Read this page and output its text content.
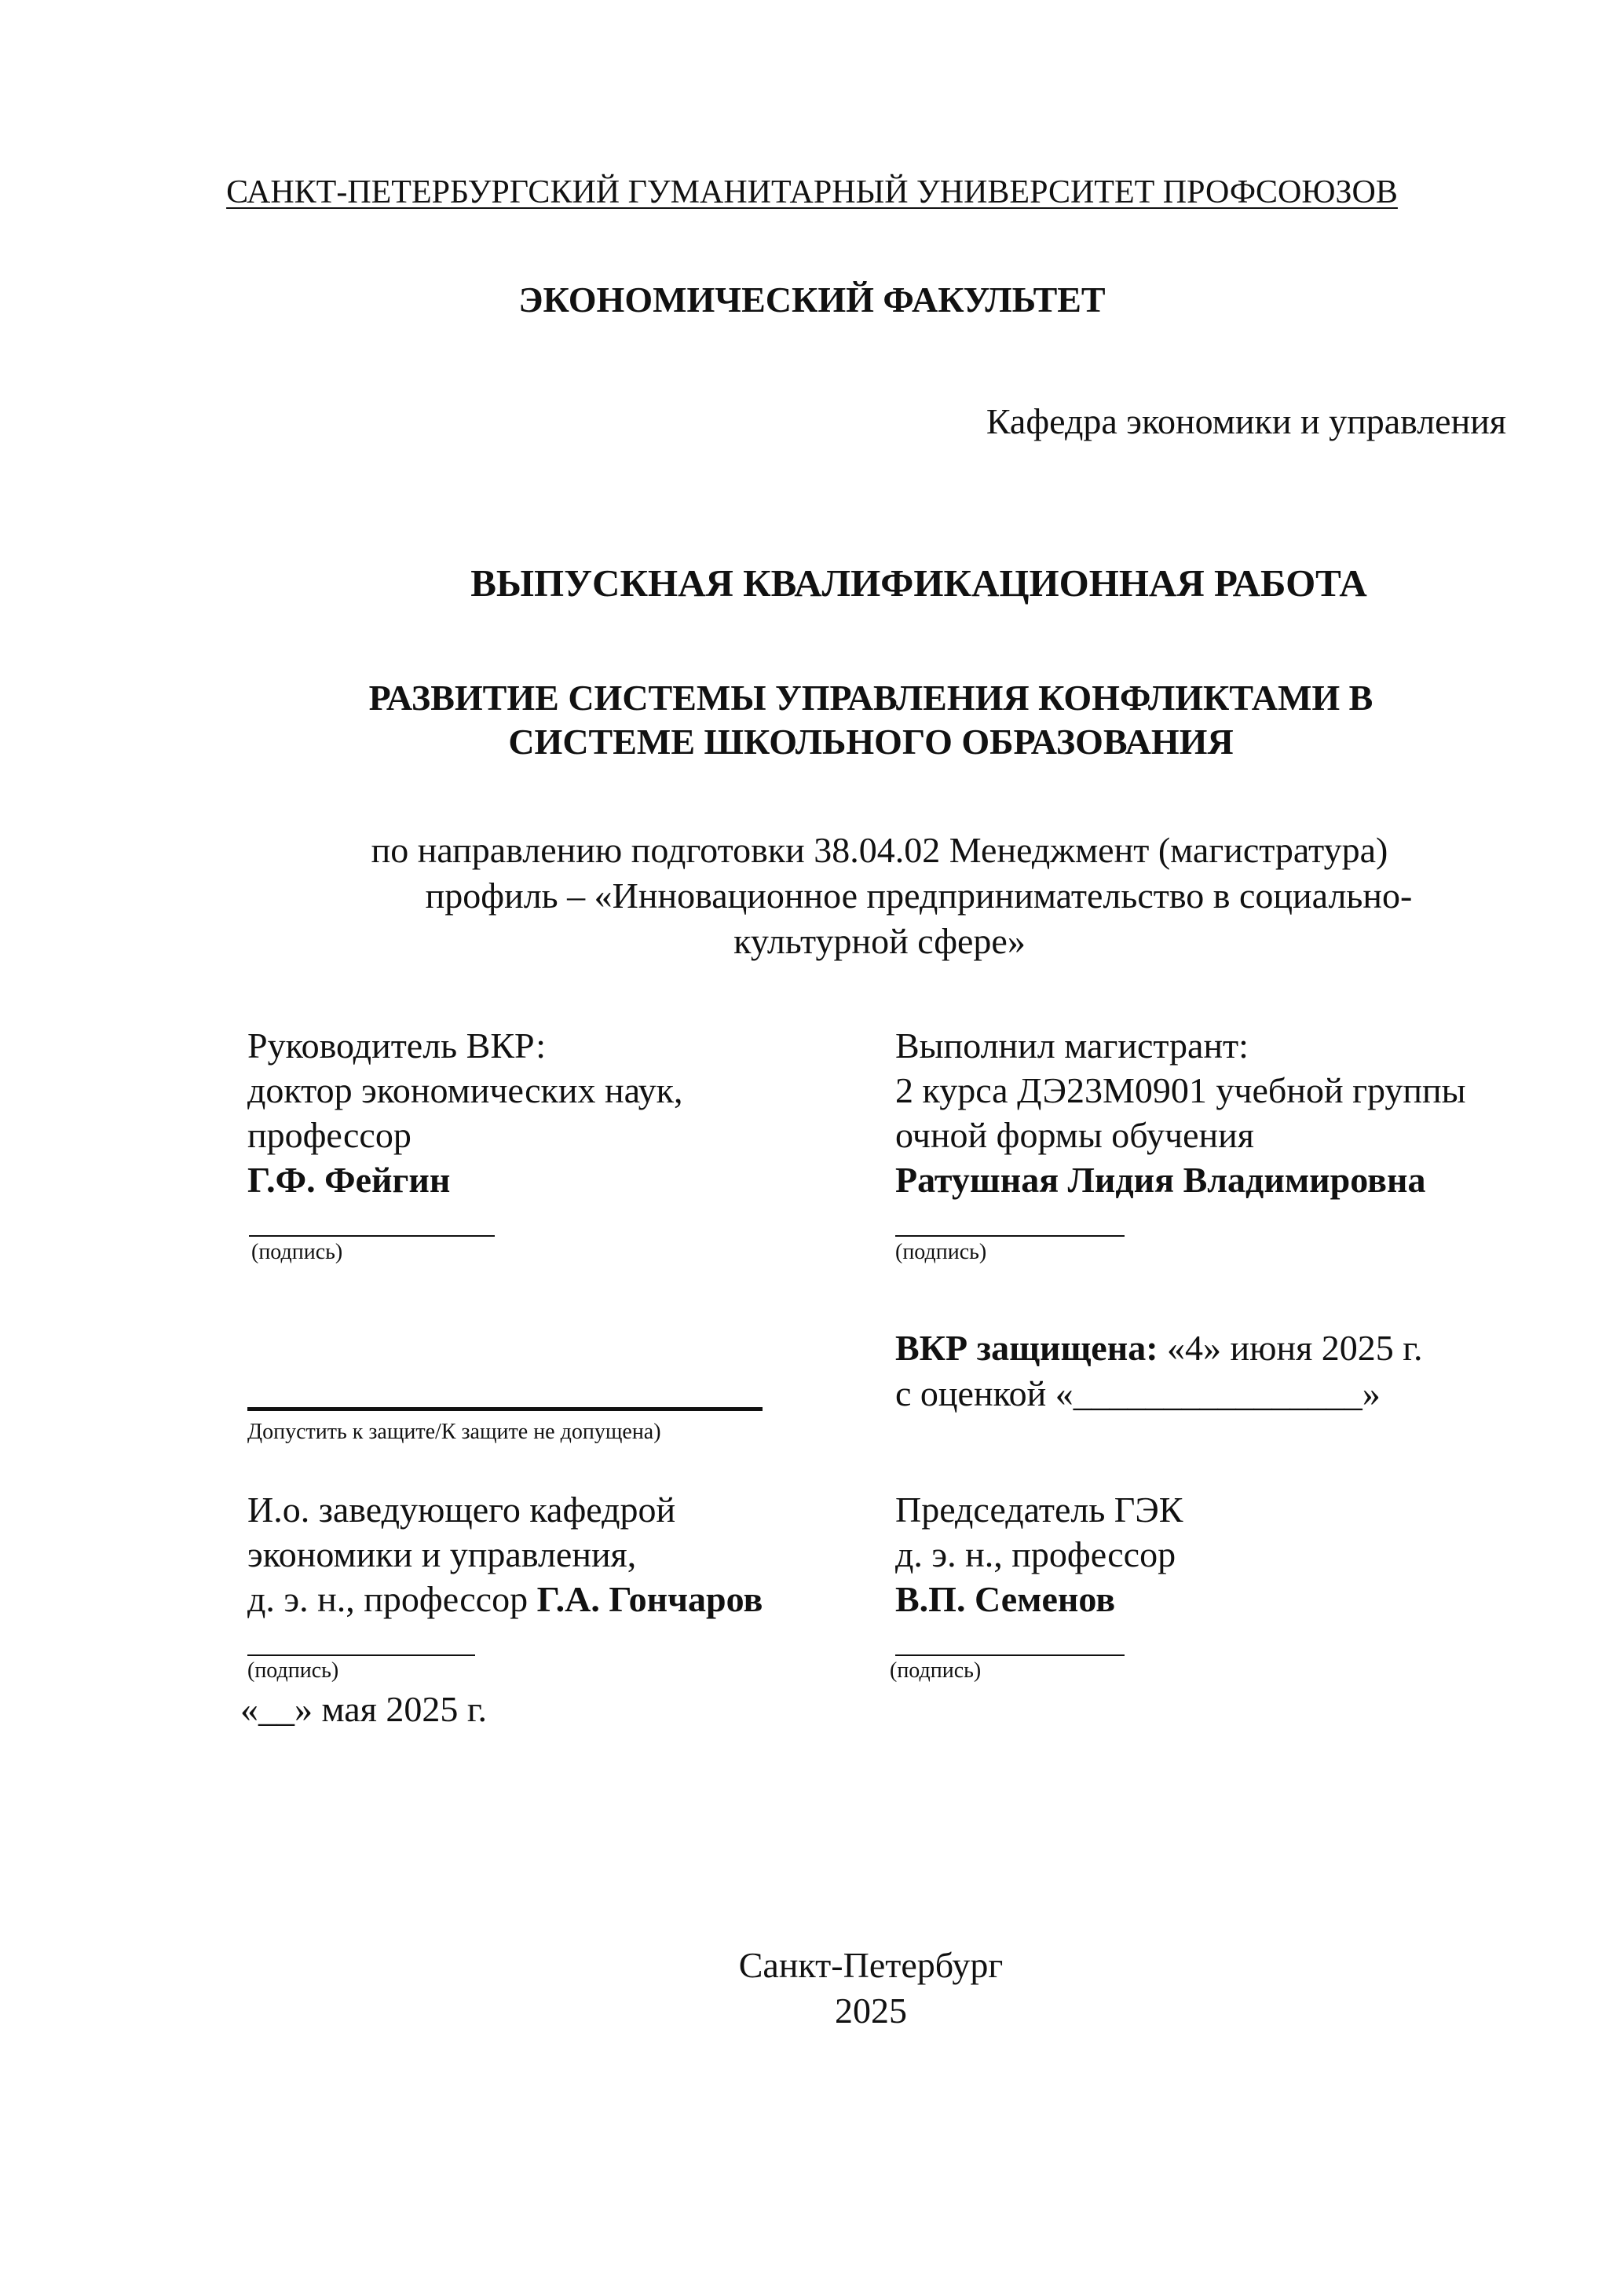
САНКТ-ПЕТЕРБУРГСКИЙ ГУМАНИТАРНЫЙ УНИВЕРСИТЕТ ПРОФСОЮЗОВ
ЭКОНОМИЧЕСКИЙ ФАКУЛЬТЕТ
Кафедра экономики и управления
ВЫПУСКНАЯ КВАЛИФИКАЦИОННАЯ РАБОТА
РАЗВИТИЕ СИСТЕМЫ УПРАВЛЕНИЯ КОНФЛИКТАМИ В
СИСТЕМЕ ШКОЛЬНОГО ОБРАЗОВАНИЯ
по направлению подготовки 38.04.02 Менеджмент (магистратура)
профиль – «Инновационное предпринимательство в социально-
культурной сфере»
Руководитель ВКР:
доктор экономических наук,
профессор
Г.Ф. Фейгин
(подпись)
Выполнил магистрант:
2 курса ДЭ23М0901 учебной группы
очной формы обучения
Ратушная Лидия Владимировна
(подпись)
Допустить к защите/К защите не допущена)
ВКР защищена: «4» июня 2025 г.
с оценкой «________________»
И.о. заведующего кафедрой
экономики и управления,
д. э. н., профессор Г.А. Гончаров
(подпись)
«__» мая 2025 г.
Председатель ГЭК
д. э. н., профессор
В.П. Семенов
(подпись)
Санкт-Петербург
2025
